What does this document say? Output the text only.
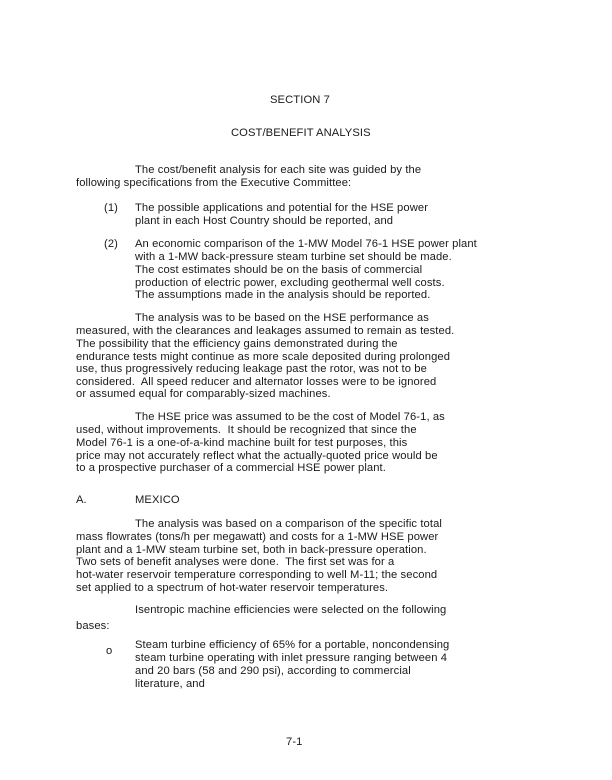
SECTION 7
COST/BENEFIT ANALYSIS
The cost/benefit analysis for each site was guided by the
following specifications from the Executive Committee:
(1) The possible applications and potential for the HSE power
plant in each Host Country should be reported, and
(2) An economic comparison of the 1-MW Model 76-1 HSE power plant
with a 1-MW back-pressure steam turbine set should be made.
The cost estimates should be on the basis of commercial
production of electric power, excluding geothermal well costs.
The assumptions made in the analysis should be reported.
The analysis was to be based on the HSE performance as
measured, with the clearances and leakages assumed to remain as tested.
The possibility that the efficiency gains demonstrated during the
endurance tests might continue as more scale deposited during prolonged
use, thus progressively reducing leakage past the rotor, was not to be
considered.  All speed reducer and alternator losses were to be ignored
or assumed equal for comparably-sized machines.
The HSE price was assumed to be the cost of Model 76-1, as
used, without improvements.  It should be recognized that since the
Model 76-1 is a one-of-a-kind machine built for test purposes, this
price may not accurately reflect what the actually-quoted price would be
to a prospective purchaser of a commercial HSE power plant.
A.	MEXICO
The analysis was based on a comparison of the specific total
mass flowrates (tons/h per megawatt) and costs for a 1-MW HSE power
plant and a 1-MW steam turbine set, both in back-pressure operation.
Two sets of benefit analyses were done.  The first set was for a
hot-water reservoir temperature corresponding to well M-11; the second
set applied to a spectrum of hot-water reservoir temperatures.
Isentropic machine efficiencies were selected on the following
bases:
o Steam turbine efficiency of 65% for a portable, noncondensing
steam turbine operating with inlet pressure ranging between 4
and 20 bars (58 and 290 psi), according to commercial
literature, and
7-1
